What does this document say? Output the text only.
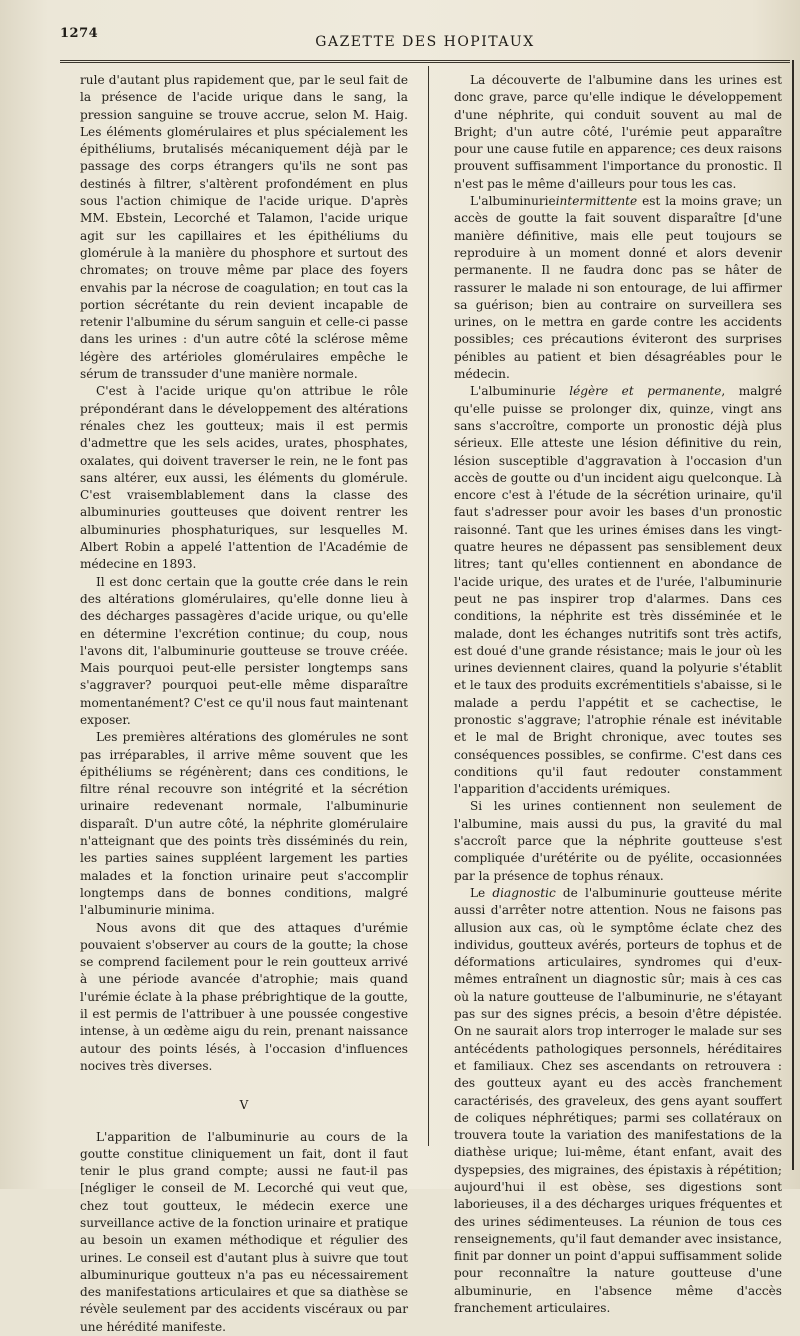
1274
GAZETTE DES HOPITAUX

rule d'autant plus rapidement que, par le seul fait de la présence de l'acide urique dans le sang, la pression sanguine se trouve accrue, selon M. Haig. Les éléments glomérulaires et plus spécialement les épithéliums, brutalisés mécaniquement déjà par le passage des corps étrangers qu'ils ne sont pas destinés à filtrer, s'altèrent profondément en plus sous l'action chimique de l'acide urique. D'après MM. Ebstein, Lecorché et Talamon, l'acide urique agit sur les capillaires et les épithéliums du glomérule à la manière du phosphore et surtout des chromates; on trouve même par place des foyers envahis par la nécrose de coagulation; en tout cas la portion sécrétante du rein devient incapable de retenir l'albumine du sérum sanguin et celle-ci passe dans les urines : d'un autre côté la sclérose même légère des artérioles glomérulaires empêche le sérum de transsuder d'une manière normale.

C'est à l'acide urique qu'on attribue le rôle prépondérant dans le développement des altérations rénales chez les goutteux; mais il est permis d'admettre que les sels acides, urates, phosphates, oxalates, qui doivent traverser le rein, ne le font pas sans altérer, eux aussi, les éléments du glomérule. C'est vraisemblablement dans la classe des albuminuries goutteuses que doivent rentrer les albuminuries phosphaturiques, sur lesquelles M. Albert Robin a appelé l'attention de l'Académie de médecine en 1893.

Il est donc certain que la goutte crée dans le rein des altérations glomérulaires, qu'elle donne lieu à des décharges passagères d'acide urique, ou qu'elle en détermine l'excrétion continue; du coup, nous l'avons dit, l'albuminurie goutteuse se trouve créée. Mais pourquoi peut-elle persister longtemps sans s'aggraver? pourquoi peut-elle même disparaître momentanément? C'est ce qu'il nous faut maintenant exposer.

Les premières altérations des glomérules ne sont pas irréparables, il arrive même souvent que les épithéliums se régénèrent; dans ces conditions, le filtre rénal recouvre son intégrité et la sécrétion urinaire redevenant normale, l'albuminurie disparaît. D'un autre côté, la néphrite glomérulaire n'atteignant que des points très disséminés du rein, les parties saines suppléent largement les parties malades et la fonction urinaire peut s'accomplir longtemps dans de bonnes conditions, malgré l'albuminurie minima.

Nous avons dit que des attaques d'urémie pouvaient s'observer au cours de la goutte; la chose se comprend facilement pour le rein goutteux arrivé à une période avancée d'atrophie; mais quand l'urémie éclate à la phase prébrightique de la goutte, il est permis de l'attribuer à une poussée congestive intense, à un œdème aigu du rein, prenant naissance autour des points lésés, à l'occasion d'influences nocives très diverses.

V

L'apparition de l'albuminurie au cours de la goutte constitue cliniquement un fait, dont il faut tenir le plus grand compte; aussi ne faut-il pas [négliger le conseil de M. Lecorché qui veut que, chez tout goutteux, le médecin exerce une surveillance active de la fonction urinaire et pratique au besoin un examen méthodique et régulier des urines. Le conseil est d'autant plus à suivre que tout albuminurique goutteux n'a pas eu nécessairement des manifestations articulaires et que sa diathèse se révèle seulement par des accidents viscéraux ou par une hérédité manifeste.

La découverte de l'albumine dans les urines est donc grave, parce qu'elle indique le développement d'une néphrite, qui conduit souvent au mal de Bright; d'un autre côté, l'urémie peut apparaître pour une cause futile en apparence; ces deux raisons prouvent suffisamment l'importance du pronostic. Il n'est pas le même d'ailleurs pour tous les cas.

L'albuminurieintermittente est la moins grave; un accès de goutte la fait souvent disparaître [d'une manière définitive, mais elle peut toujours se reproduire à un moment donné et alors devenir permanente. Il ne faudra donc pas se hâter de rassurer le malade ni son entourage, de lui affirmer sa guérison; bien au contraire on surveillera ses urines, on le mettra en garde contre les accidents possibles; ces précautions éviteront des surprises pénibles au patient et bien désagréables pour le médecin.

L'albuminurie légère et permanente, malgré qu'elle puisse se prolonger dix, quinze, vingt ans sans s'accroître, comporte un pronostic déjà plus sérieux. Elle atteste une lésion définitive du rein, lésion susceptible d'aggravation à l'occasion d'un accès de goutte ou d'un incident aigu quelconque. Là encore c'est à l'étude de la sécrétion urinaire, qu'il faut s'adresser pour avoir les bases d'un pronostic raisonné. Tant que les urines émises dans les vingt-quatre heures ne dépassent pas sensiblement deux litres; tant qu'elles contiennent en abondance de l'acide urique, des urates et de l'urée, l'albuminurie peut ne pas inspirer trop d'alarmes. Dans ces conditions, la néphrite est très disséminée et le malade, dont les échanges nutritifs sont très actifs, est doué d'une grande résistance; mais le jour où les urines deviennent claires, quand la polyurie s'établit et le taux des produits excrémentitiels s'abaisse, si le malade a perdu l'appétit et se cachectise, le pronostic s'aggrave; l'atrophie rénale est inévitable et le mal de Bright chronique, avec toutes ses conséquences possibles, se confirme. C'est dans ces conditions qu'il faut redouter constamment l'apparition d'accidents urémiques.

Si les urines contiennent non seulement de l'albumine, mais aussi du pus, la gravité du mal s'accroît parce que la néphrite goutteuse s'est compliquée d'urétérite ou de pyélite, occasionnées par la présence de tophus rénaux.

Le diagnostic de l'albuminurie goutteuse mérite aussi d'arrêter notre attention. Nous ne faisons pas allusion aux cas, où le symptôme éclate chez des individus, goutteux avérés, porteurs de tophus et de déformations articulaires, syndromes qui d'eux-mêmes entraînent un diagnostic sûr; mais à ces cas où la nature goutteuse de l'albuminurie, ne s'étayant pas sur des signes précis, a besoin d'être dépistée. On ne saurait alors trop interroger le malade sur ses antécédents pathologiques personnels, héréditaires et familiaux. Chez ses ascendants on retrouvera : des goutteux ayant eu des accès franchement caractérisés, des graveleux, des gens ayant souffert de coliques néphrétiques; parmi ses collatéraux on trouvera toute la variation des manifestations de la diathèse urique; lui-même, étant enfant, avait des dyspepsies, des migraines, des épistaxis à répétition; aujourd'hui il est obèse, ses digestions sont laborieuses, il a des décharges uriques fréquentes et des urines sédimenteuses. La réunion de tous ces renseignements, qu'il faut demander avec insistance, finit par donner un point d'appui suffisamment solide pour reconnaître la nature goutteuse d'une albuminurie, en l'absence même d'accès franchement articulaires.
